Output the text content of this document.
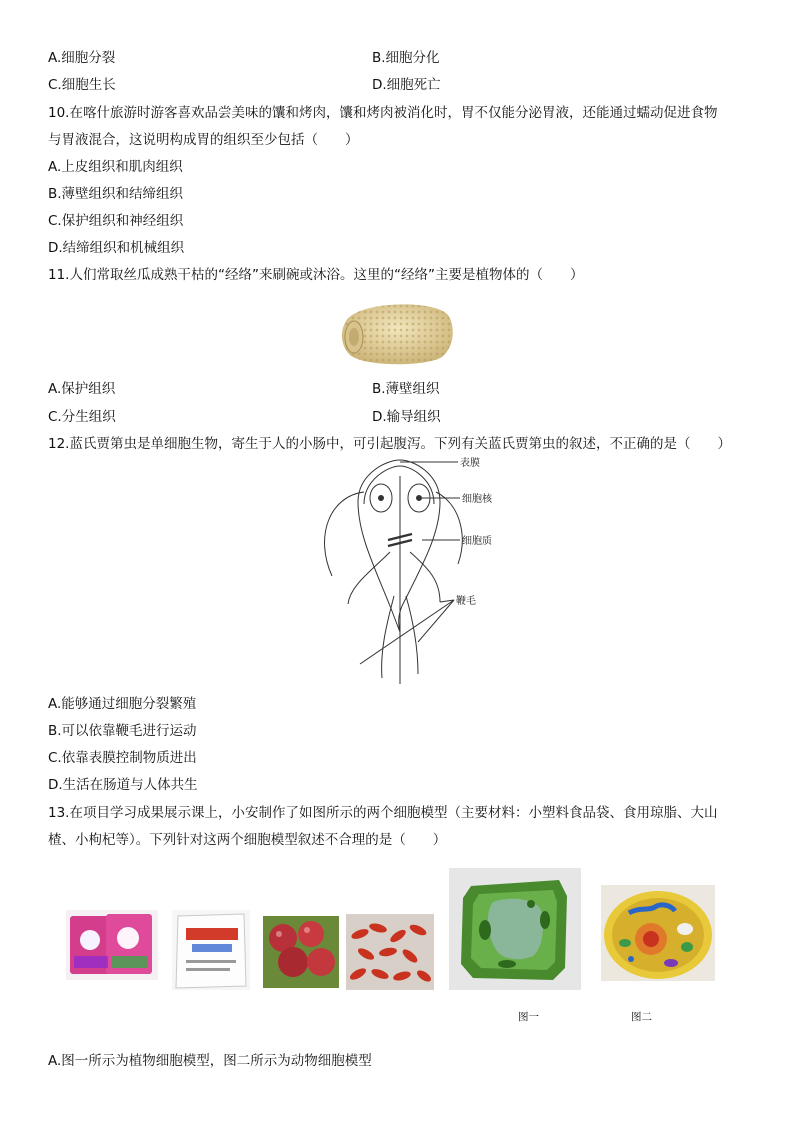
A.细胞分裂	B.细胞分化
C.细胞生长	D.细胞死亡
10.在喀什旅游时游客喜欢品尝美味的馕和烤肉，馕和烤肉被消化时，胃不仅能分泌胃液，还能通过蠕动促进食物
与胃液混合，这说明构成胃的组织至少包括（　　）
A.上皮组织和肌肉组织
B.薄壁组织和结缔组织
C.保护组织和神经组织
D.结缔组织和机械组织
11.人们常取丝瓜成熟干枯的“经络”来刷碗或沐浴。这里的“经络”主要是植物体的（　　）
A.保护组织	B.薄壁组织
C.分生组织	D.输导组织
12.蓝氏贾第虫是单细胞生物，寄生于人的小肠中，可引起腹泻。下列有关蓝氏贾第虫的叙述，不正确的是（　　）
表膜
细胞核
细胞质
鞭毛
A.能够通过细胞分裂繁殖
B.可以依靠鞭毛进行运动
C.依靠表膜控制物质进出
D.生活在肠道与人体共生
13.在项目学习成果展示课上，小安制作了如图所示的两个细胞模型（主要材料：小塑料食品袋、食用琼脂、大山
楂、小枸杞等）。下列针对这两个细胞模型叙述不合理的是（　　）
图一	图二
A.图一所示为植物细胞模型，图二所示为动物细胞模型
